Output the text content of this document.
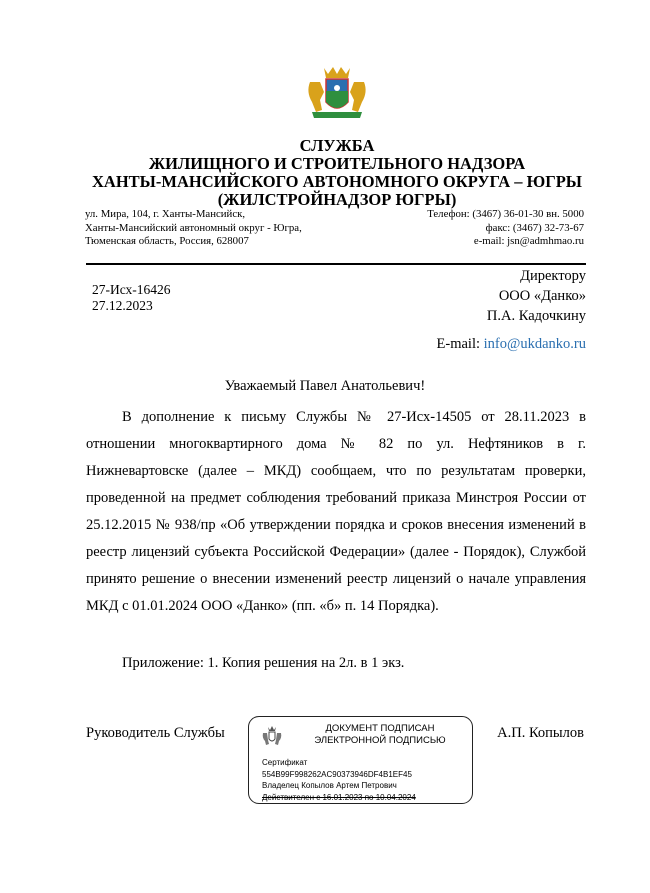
СЛУЖБА
ЖИЛИЩНОГО И СТРОИТЕЛЬНОГО НАДЗОРА
ХАНТЫ-МАНСИЙСКОГО АВТОНОМНОГО ОКРУГА – ЮГРЫ
(ЖИЛСТРОЙНАДЗОР ЮГРЫ)
ул. Мира, 104, г. Ханты-Мансийск,
Ханты-Мансийский автономный округ - Югра,
Тюменская область, Россия, 628007
Телефон: (3467) 36-01-30 вн. 5000
факс: (3467) 32-73-67
e-mail: jsn@admhmao.ru
27-Исх-16426
27.12.2023
Директору
ООО «Данко»
П.А. Кадочкину
E-mail: info@ukdanko.ru
Уважаемый Павел Анатольевич!
В дополнение к письму Службы № 27-Исх-14505 от 28.11.2023 в отношении многоквартирного дома № 82 по ул. Нефтяников в г. Нижневартовске (далее – МКД) сообщаем, что по результатам проверки, проведенной на предмет соблюдения требований приказа Минстроя России от 25.12.2015 № 938/пр «Об утверждении порядка и сроков внесения изменений в реестр лицензий субъекта Российской Федерации» (далее - Порядок), Службой принято решение о внесении изменений реестр лицензий о начале управления МКД с 01.01.2024 ООО «Данко» (пп. «б» п. 14 Порядка).
Приложение: 1. Копия решения на 2л. в 1 экз.
Руководитель Службы	А.П. Копылов
ДОКУМЕНТ ПОДПИСАН
ЭЛЕКТРОННОЙ ПОДПИСЬЮ
Сертификат
554B99F998262AC90373946DF4B1EF45
Владелец Копылов Артем Петрович
Действителен с 16.01.2023 по 10.04.2024
